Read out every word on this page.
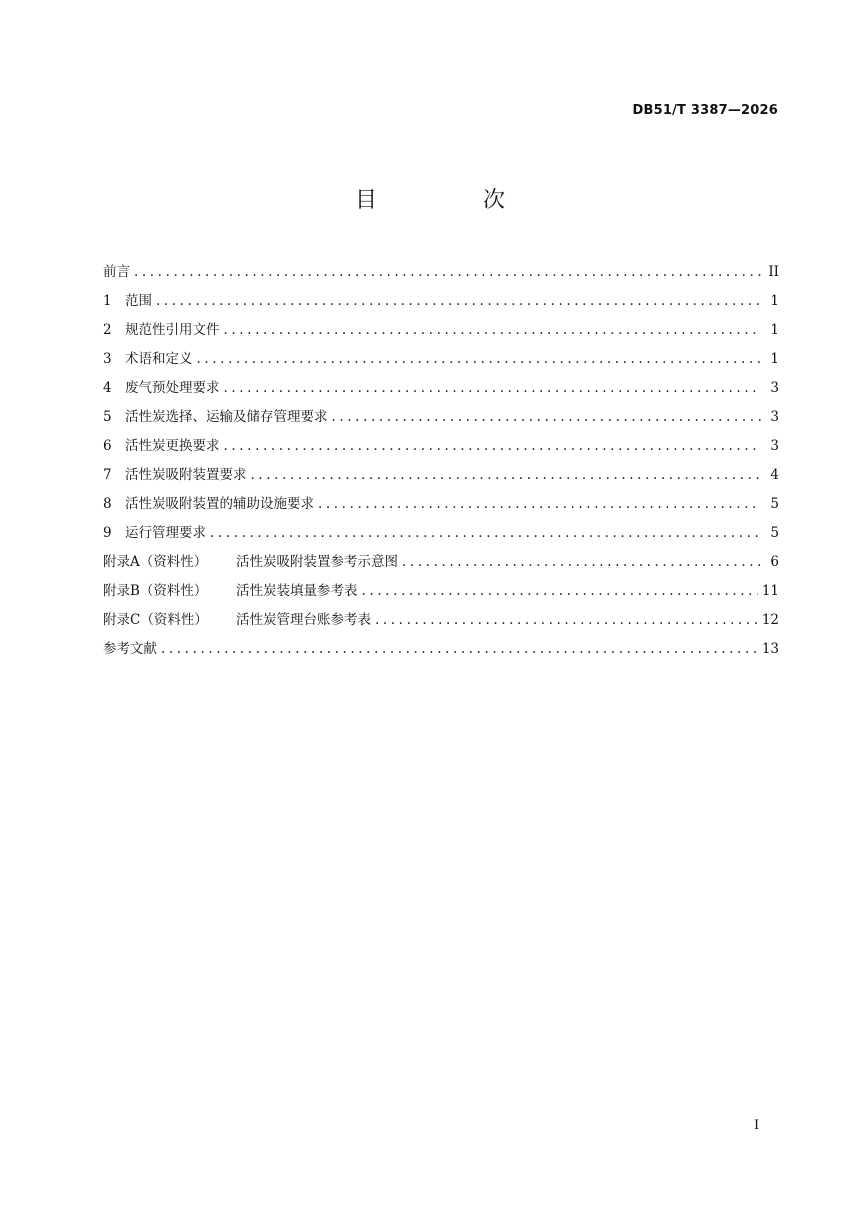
DB51/T 3387—2026
目　次
前言 .....	II
1 范围 .....	1
2 规范性引用文件 .....	1
3 术语和定义 .....	1
4 废气预处理要求 .....	3
5 活性炭选择、运输及储存管理要求 .....	3
6 活性炭更换要求 .....	3
7 活性炭吸附装置要求 .....	4
8 活性炭吸附装置的辅助设施要求 .....	5
9 运行管理要求 .....	5
附录A（资料性）	活性炭吸附装置参考示意图 .....	6
附录B（资料性）	活性炭装填量参考表 .....	11
附录C（资料性）	活性炭管理台账参考表 .....	12
参考文献 .....	13
I
